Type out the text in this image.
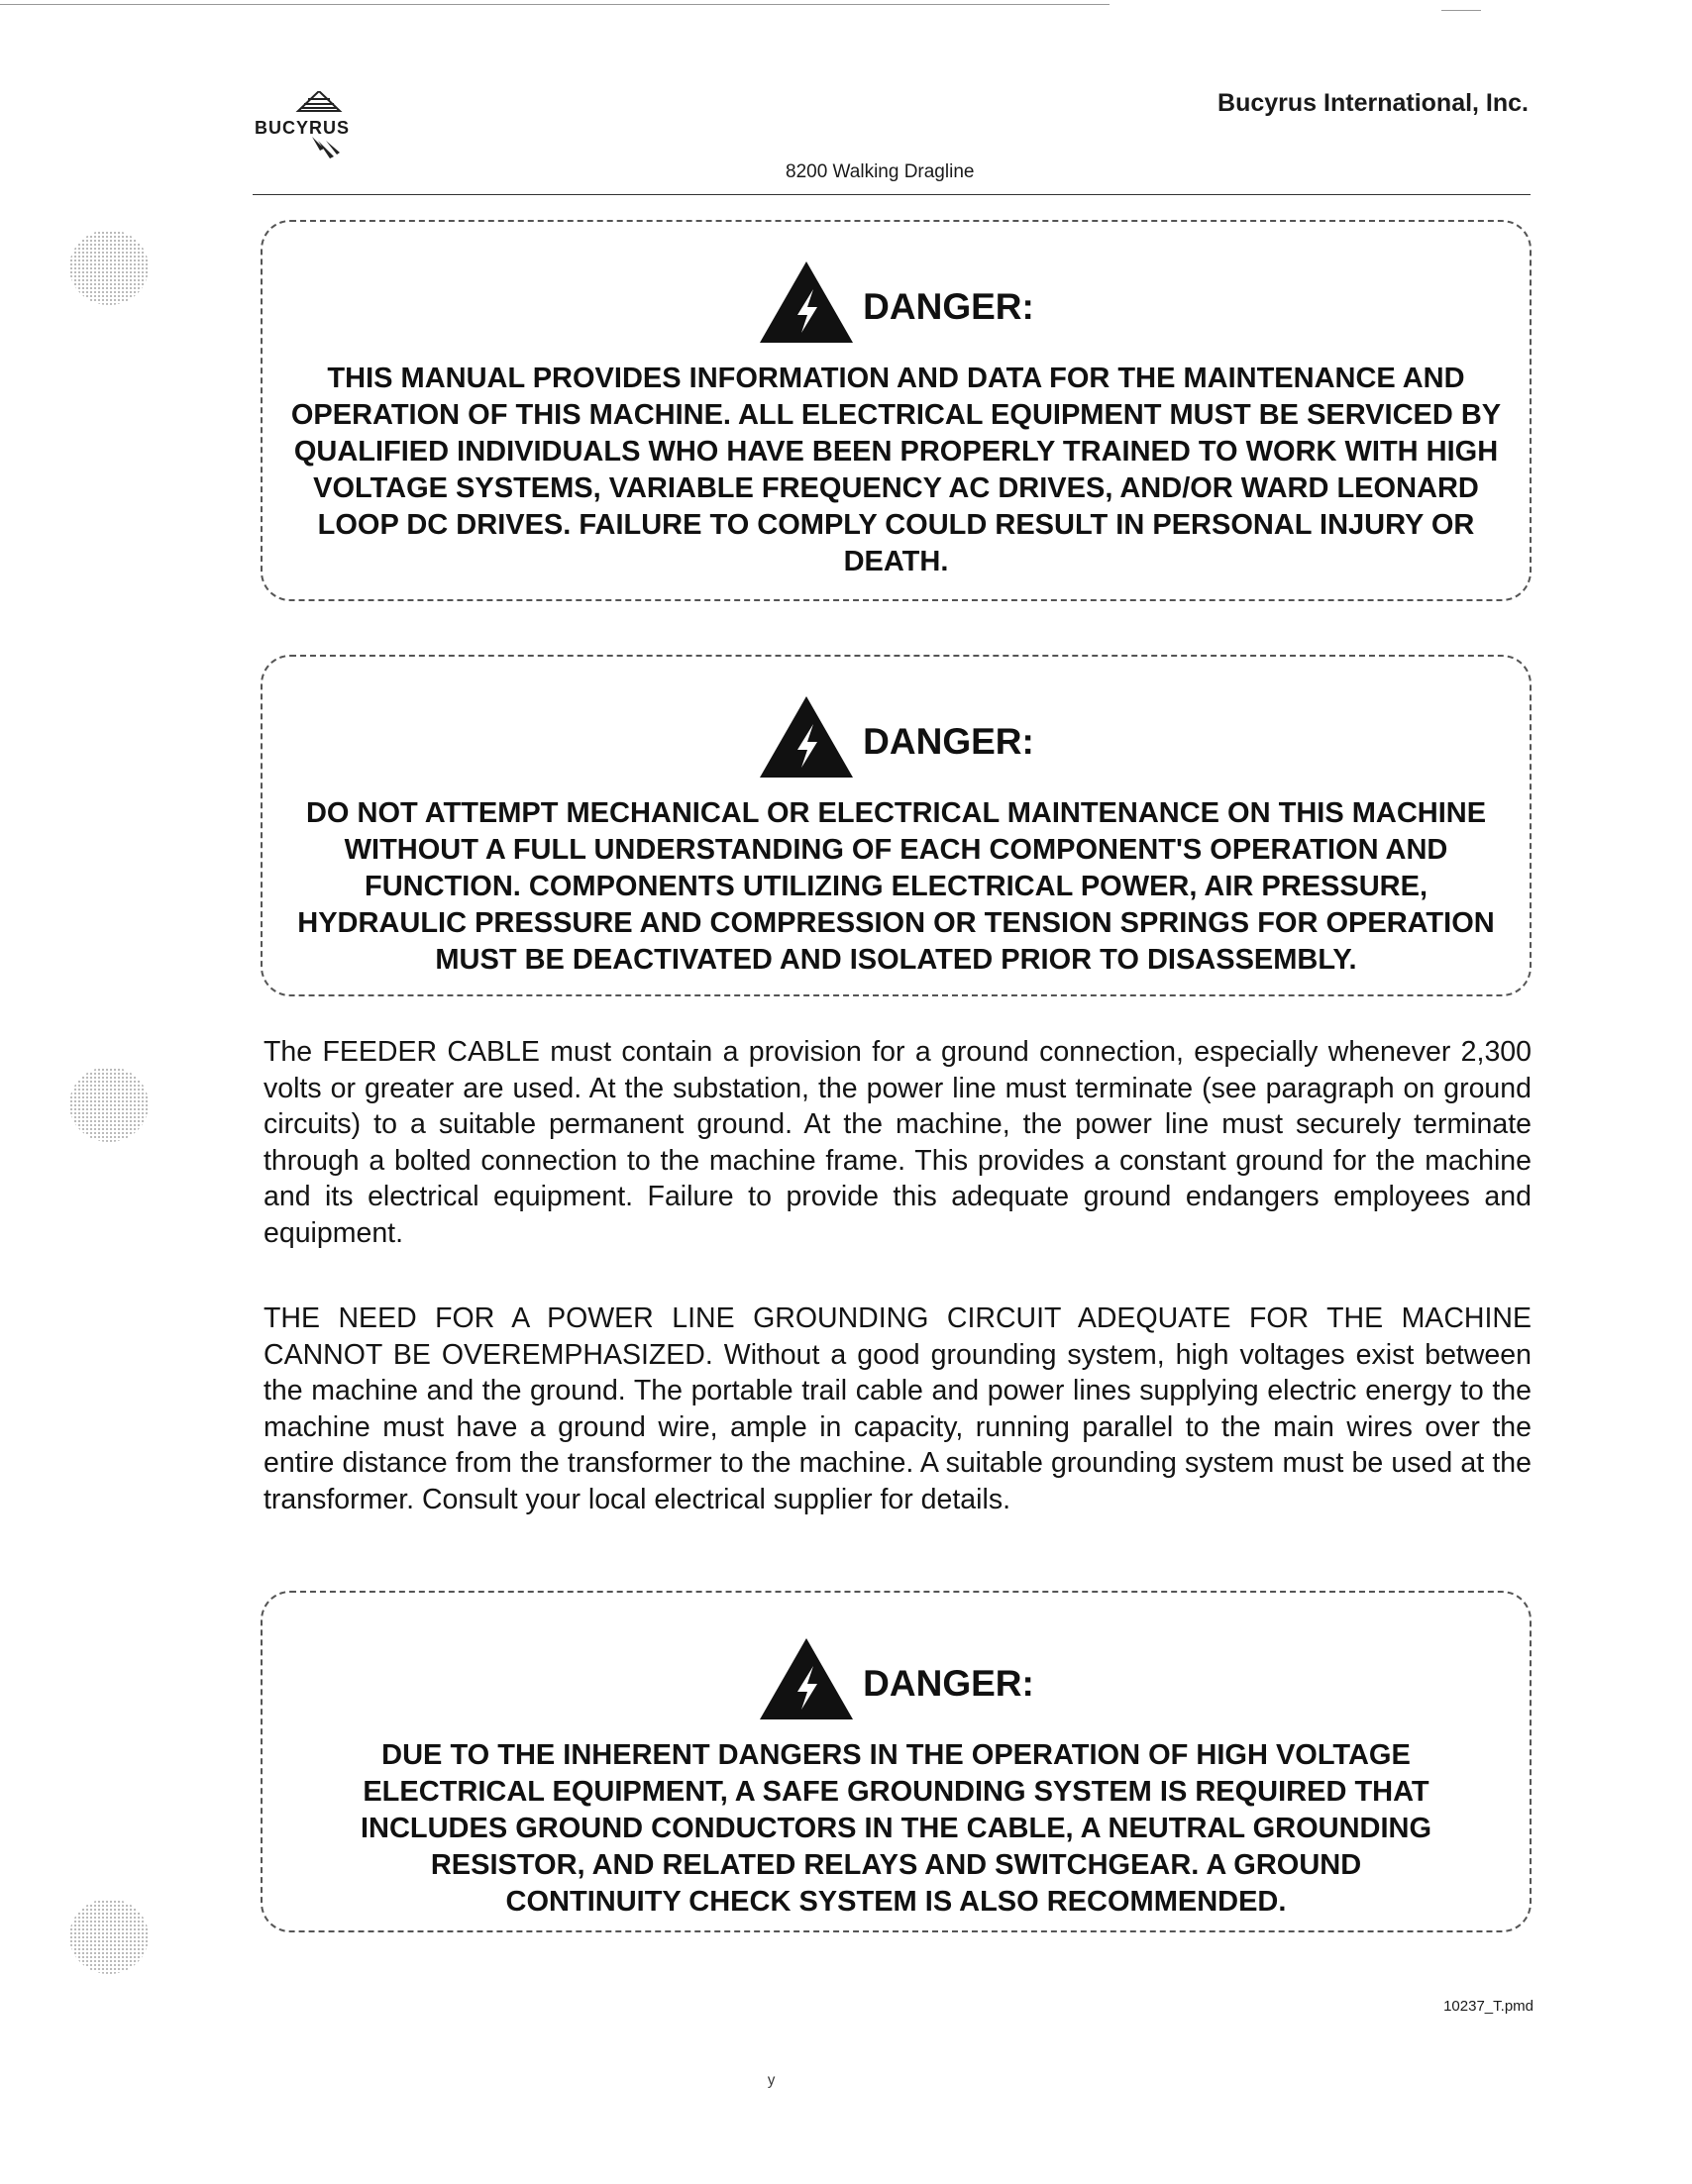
BUCYRUS
Bucyrus International, Inc.
8200 Walking Dragline
DANGER:

THIS MANUAL PROVIDES INFORMATION AND DATA FOR THE MAINTENANCE AND OPERATION OF THIS MACHINE. ALL ELECTRICAL EQUIPMENT MUST BE SERVICED BY QUALIFIED INDIVIDUALS WHO HAVE BEEN PROPERLY TRAINED TO WORK WITH HIGH VOLTAGE SYSTEMS, VARIABLE FREQUENCY AC DRIVES, AND/OR WARD LEONARD LOOP DC DRIVES. FAILURE TO COMPLY COULD RESULT IN PERSONAL INJURY OR DEATH.

DANGER:

DO NOT ATTEMPT MECHANICAL OR ELECTRICAL MAINTENANCE ON THIS MACHINE WITHOUT A FULL UNDERSTANDING OF EACH COMPONENT'S OPERATION AND FUNCTION. COMPONENTS UTILIZING ELECTRICAL POWER, AIR PRESSURE, HYDRAULIC PRESSURE AND COMPRESSION OR TENSION SPRINGS FOR OPERATION MUST BE DEACTIVATED AND ISOLATED PRIOR TO DISASSEMBLY.

The FEEDER CABLE must contain a provision for a ground connection, especially whenever 2,300 volts or greater are used. At the substation, the power line must terminate (see paragraph on ground circuits) to a suitable permanent ground. At the machine, the power line must securely terminate through a bolted connection to the machine frame. This provides a constant ground for the machine and its electrical equipment. Failure to provide this adequate ground endangers employees and equipment.

THE NEED FOR A POWER LINE GROUNDING CIRCUIT ADEQUATE FOR THE MACHINE CANNOT BE OVEREMPHASIZED. Without a good grounding system, high voltages exist between the machine and the ground. The portable trail cable and power lines supplying electric energy to the machine must have a ground wire, ample in capacity, running parallel to the main wires over the entire distance from the transformer to the machine. A suitable grounding system must be used at the transformer. Consult your local electrical supplier for details.

DANGER:

DUE TO THE INHERENT DANGERS IN THE OPERATION OF HIGH VOLTAGE ELECTRICAL EQUIPMENT, A SAFE GROUNDING SYSTEM IS REQUIRED THAT INCLUDES GROUND CONDUCTORS IN THE CABLE, A NEUTRAL GROUNDING RESISTOR, AND RELATED RELAYS AND SWITCHGEAR. A GROUND CONTINUITY CHECK SYSTEM IS ALSO RECOMMENDED.

10237_T.pmd
ʸ
